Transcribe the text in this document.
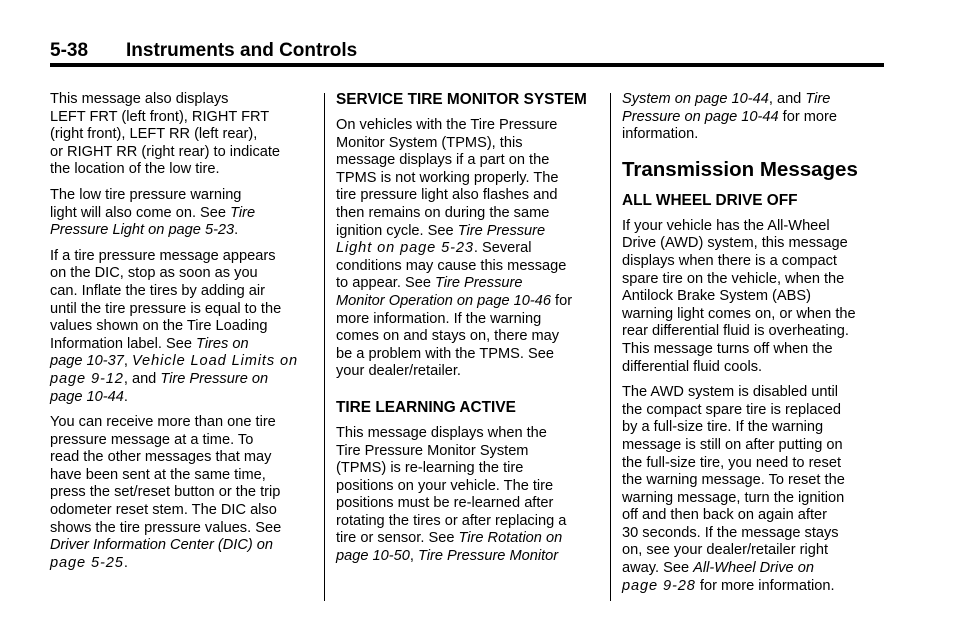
5-38 Instruments and Controls

This message also displays
LEFT FRT (left front), RIGHT FRT
(right front), LEFT RR (left rear),
or RIGHT RR (right rear) to indicate
the location of the low tire.

The low tire pressure warning
light will also come on. See Tire
Pressure Light on page 5-23.

If a tire pressure message appears
on the DIC, stop as soon as you
can. Inflate the tires by adding air
until the tire pressure is equal to the
values shown on the Tire Loading
Information label. See Tires on
page 10-37, Vehicle Load Limits on
page 9-12, and Tire Pressure on
page 10-44.

You can receive more than one tire
pressure message at a time. To
read the other messages that may
have been sent at the same time,
press the set/reset button or the trip
odometer reset stem. The DIC also
shows the tire pressure values. See
Driver Information Center (DIC) on
page 5-25.

SERVICE TIRE MONITOR SYSTEM

On vehicles with the Tire Pressure
Monitor System (TPMS), this
message displays if a part on the
TPMS is not working properly. The
tire pressure light also flashes and
then remains on during the same
ignition cycle. See Tire Pressure
Light on page 5-23. Several
conditions may cause this message
to appear. See Tire Pressure
Monitor Operation on page 10-46 for
more information. If the warning
comes on and stays on, there may
be a problem with the TPMS. See
your dealer/retailer.

TIRE LEARNING ACTIVE

This message displays when the
Tire Pressure Monitor System
(TPMS) is re-learning the tire
positions on your vehicle. The tire
positions must be re-learned after
rotating the tires or after replacing a
tire or sensor. See Tire Rotation on
page 10-50, Tire Pressure Monitor

System on page 10-44, and Tire
Pressure on page 10-44 for more
information.

Transmission Messages
ALL WHEEL DRIVE OFF

If your vehicle has the All-Wheel
Drive (AWD) system, this message
displays when there is a compact
spare tire on the vehicle, when the
Antilock Brake System (ABS)
warning light comes on, or when the
rear differential fluid is overheating.
This message turns off when the
differential fluid cools.

The AWD system is disabled until
the compact spare tire is replaced
by a full-size tire. If the warning
message is still on after putting on
the full-size tire, you need to reset
the warning message. To reset the
warning message, turn the ignition
off and then back on again after
30 seconds. If the message stays
on, see your dealer/retailer right
away. See All-Wheel Drive on
page 9-28 for more information.
